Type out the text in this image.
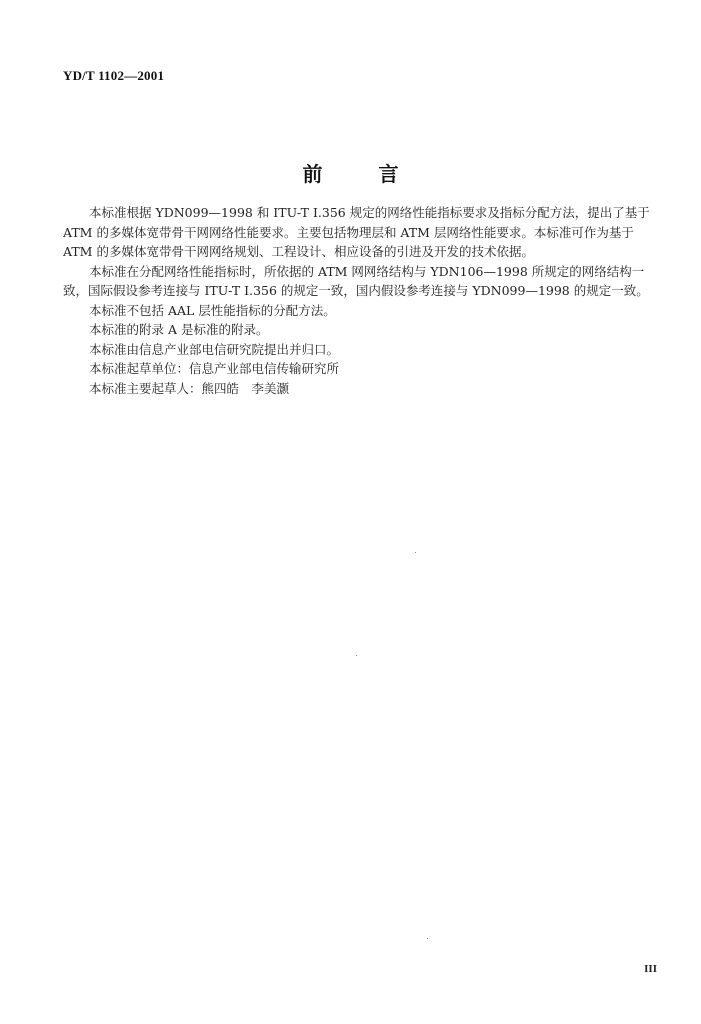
YD/T 1102—2001
前	言
本标准根据 YDN099—1998 和 ITU-T I.356 规定的网络性能指标要求及指标分配方法，提出了基于
ATM 的多媒体宽带骨干网网络性能要求。主要包括物理层和 ATM 层网络性能要求。本标准可作为基于
ATM 的多媒体宽带骨干网网络规划、工程设计、相应设备的引进及开发的技术依据。
本标准在分配网络性能指标时，所依据的 ATM 网网络结构与 YDN106—1998 所规定的网络结构一
致，国际假设参考连接与 ITU-T I.356 的规定一致，国内假设参考连接与 YDN099—1998 的规定一致。
本标准不包括 AAL 层性能指标的分配方法。
本标准的附录 A 是标准的附录。
本标准由信息产业部电信研究院提出并归口。
本标准起草单位：信息产业部电信传输研究所
本标准主要起草人：熊四皓　李美灏
III
